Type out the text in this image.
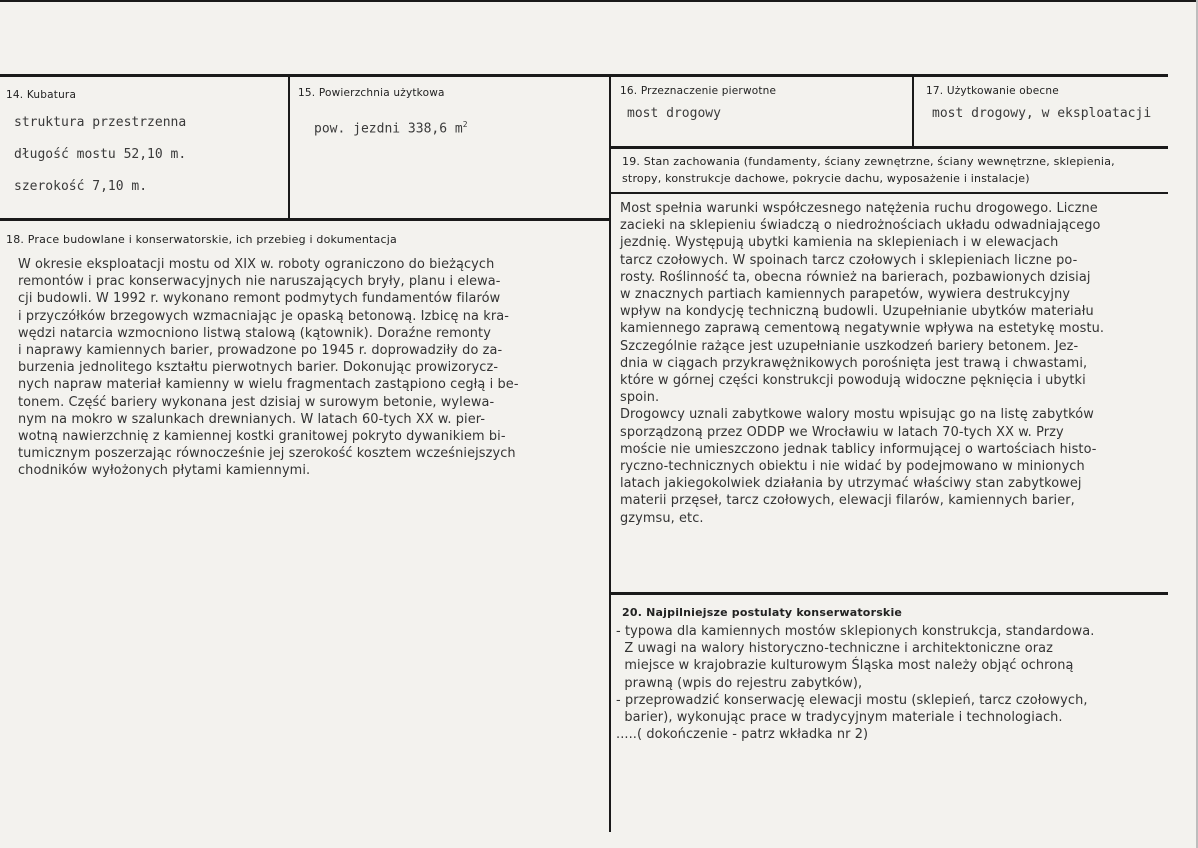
14. Kubatura

struktura przestrzenna

długość mostu 52,10 m.

szerokość 7,10 m.

15. Powierzchnia użytkowa
pow. jezdni 338,6 $m^2$
16. Przeznaczenie pierwotne
most drogowy
17. Użytkowanie obecne
most drogowy, w eksploatacji
19. Stan zachowania (fundamenty, ściany zewnętrzne, ściany wewnętrzne, sklepienia,
stropy, konstrukcje dachowe, pokrycie dachu, wyposażenie i instalacje)
Most spełnia warunki współczesnego natężenia ruchu drogowego. Liczne
zacieki na sklepieniu świadczą o niedrożnościach układu odwadniającego
jezdnię. Występują ubytki kamienia na sklepieniach i w elewacjach
tarcz czołowych. W spoinach tarcz czołowych i sklepieniach liczne po-
rosty. Roślinność ta, obecna również na barierach, pozbawionych dzisiaj
w znacznych partiach kamiennych parapetów, wywiera destrukcyjny
wpływ na kondycję techniczną budowli. Uzupełnianie ubytków materiału
kamiennego zaprawą cementową negatywnie wpływa na estetykę mostu.
Szczególnie rażące jest uzupełnianie uszkodzeń bariery betonem. Jez-
dnia w ciągach przykrawężnikowych porośnięta jest trawą i chwastami,
które w górnej części konstrukcji powodują widoczne pęknięcia i ubytki
spoin.
Drogowcy uznali zabytkowe walory mostu wpisując go na listę zabytków
sporządzoną przez ODDP we Wrocławiu w latach 70-tych XX w. Przy
moście nie umieszczono jednak tablicy informującej o wartościach histo-
ryczno-technicznych obiektu i nie widać by podejmowano w minionych
latach jakiegokolwiek działania by utrzymać właściwy stan zabytkowej
materii przęseł, tarcz czołowych, elewacji filarów, kamiennych barier,
gzymsu, etc.
18. Prace budowlane i konserwatorskie, ich przebieg i dokumentacja
W okresie eksploatacji mostu od XIX w. roboty ograniczono do bieżących
remontów i prac konserwacyjnych nie naruszających bryły, planu i elewa-
cji budowli. W 1992 r. wykonano remont podmytych fundamentów filarów
i przyczółków brzegowych wzmacniając je opaską betonową. Izbicę na kra-
wędzi natarcia wzmocniono listwą stalową (kątownik). Doraźne remonty
i naprawy kamiennych barier, prowadzone po 1945 r. doprowadziły do za-
burzenia jednolitego kształtu pierwotnych barier. Dokonując prowizorycz-
nych napraw materiał kamienny w wielu fragmentach zastąpiono cegłą i be-
tonem. Część bariery wykonana jest dzisiaj w surowym betonie, wylewa-
nym na mokro w szalunkach drewnianych. W latach 60-tych XX w. pier-
wotną nawierzchnię z kamiennej kostki granitowej pokryto dywanikiem bi-
tumicznym poszerzając równocześnie jej szerokość kosztem wcześniejszych
chodników wyłożonych płytami kamiennymi.
20. Najpilniejsze postulaty konserwatorskie
- typowa dla kamiennych mostów sklepionych konstrukcja, standardowa.
Z uwagi na walory historyczno-techniczne i architektoniczne oraz
miejsce w krajobrazie kulturowym Śląska most należy objąć ochroną
prawną (wpis do rejestru zabytków),
- przeprowadzić konserwację elewacji mostu (sklepień, tarcz czołowych,
barier), wykonując prace w tradycyjnym materiale i technologiach.
.....( dokończenie - patrz wkładka nr 2)
